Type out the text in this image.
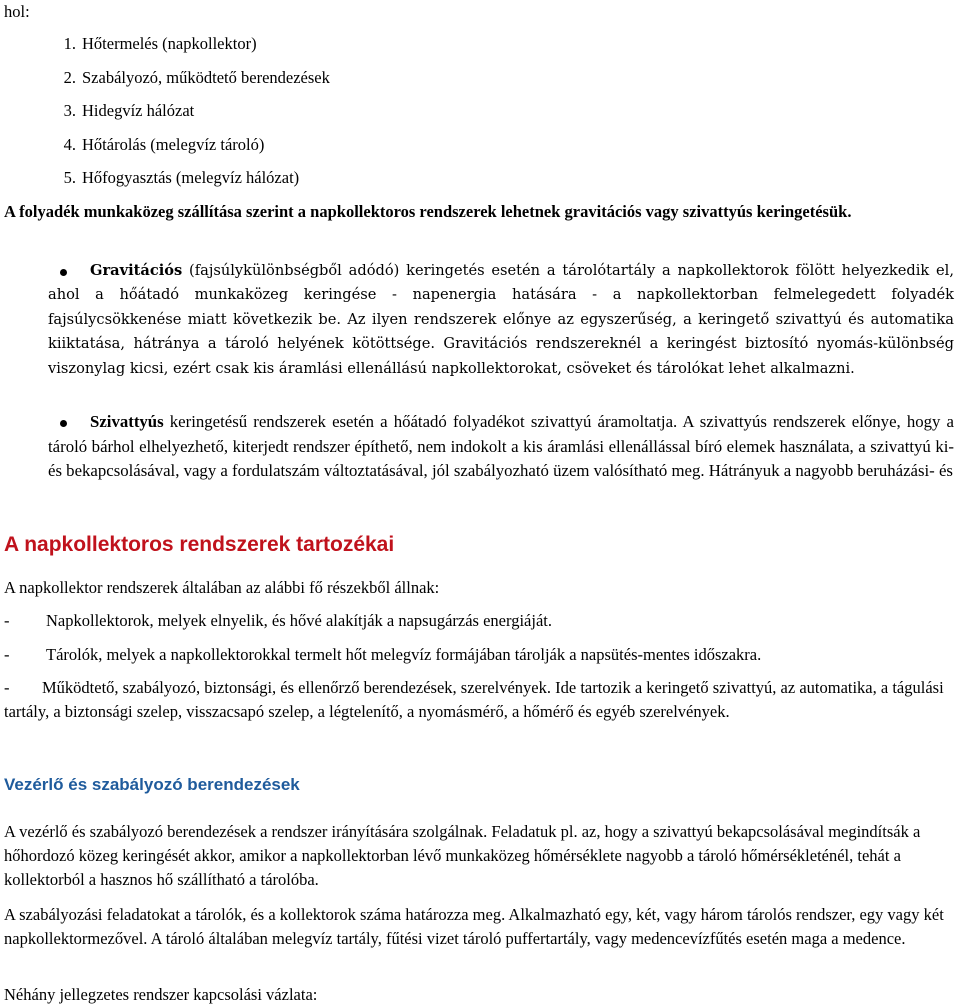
hol:
1. Hőtermelés (napkollektor)
2. Szabályozó, működtető berendezések
3. Hidegvíz hálózat
4. Hőtárolás (melegvíz tároló)
5. Hőfogyasztás (melegvíz hálózat)
A folyadék munkaközeg szállítása szerint a napkollektoros rendszerek lehetnek gravitációs vagy szivattyús keringetésük.

Gravitációs (fajsúlykülönbségből adódó) keringetés esetén a tárolótartály a napkollektorok fölött helyezkedik el, ahol a hőátadó munkaközeg keringése - napenergia hatására - a napkollektorban felmelegedett folyadék fajsúlycsökkenése miatt következik be. Az ilyen rendszerek előnye az egyszerűség, a keringető szivattyú és automatika kiiktatása, hátránya a tároló helyének kötöttsége. Gravitációs rendszereknél a keringést biztosító nyomás-különbség viszonylag kicsi, ezért csak kis áramlási ellenállású napkollektorokat, csöveket és tárolókat lehet alkalmazni.

Szivattyús keringetésű rendszerek esetén a hőátadó folyadékot szivattyú áramoltatja. A szivattyús rendszerek előnye, hogy a tároló bárhol elhelyezhető, kiterjedt rendszer építhető, nem indokolt a kis áramlási ellenállással bíró elemek használata, a szivattyú ki- és bekapcsolásával, vagy a fordulatszám változtatásával, jól szabályozható üzem valósítható meg. Hátrányuk a nagyobb beruházási- és

A napkollektoros rendszerek tartozékai

A napkollektor rendszerek általában az alábbi fő részekből állnak:

- Napkollektorok, melyek elnyelik, és hővé alakítják a napsugárzás energiáját.
- Tárolók, melyek a napkollektorokkal termelt hőt melegvíz formájában tárolják a napsütés-mentes időszakra.
- Működtető, szabályozó, biztonsági, és ellenőrző berendezések, szerelvények. Ide tartozik a keringető szivattyú, az automatika, a tágulási tartály, a biztonsági szelep, visszacsapó szelep, a légtelenítő, a nyomásmérő, a hőmérő és egyéb szerelvények.
Vezérlő és szabályozó berendezések

A vezérlő és szabályozó berendezések a rendszer irányítására szolgálnak. Feladatuk pl. az, hogy a szivattyú bekapcsolásával megindítsák a hőhordozó közeg keringését akkor, amikor a napkollektorban lévő munkaközeg hőmérséklete nagyobb a tároló hőmérsékleténél, tehát a kollektorból a hasznos hő szállítható a tárolóba.

A szabályozási feladatokat a tárolók, és a kollektorok száma határozza meg. Alkalmazható egy, két, vagy három tárolós rendszer, egy vagy két napkollektormezővel. A tároló általában melegvíz tartály, fűtési vizet tároló puffertartály, vagy medencevízfűtés esetén maga a medence.

Néhány jellegzetes rendszer kapcsolási vázlata:
